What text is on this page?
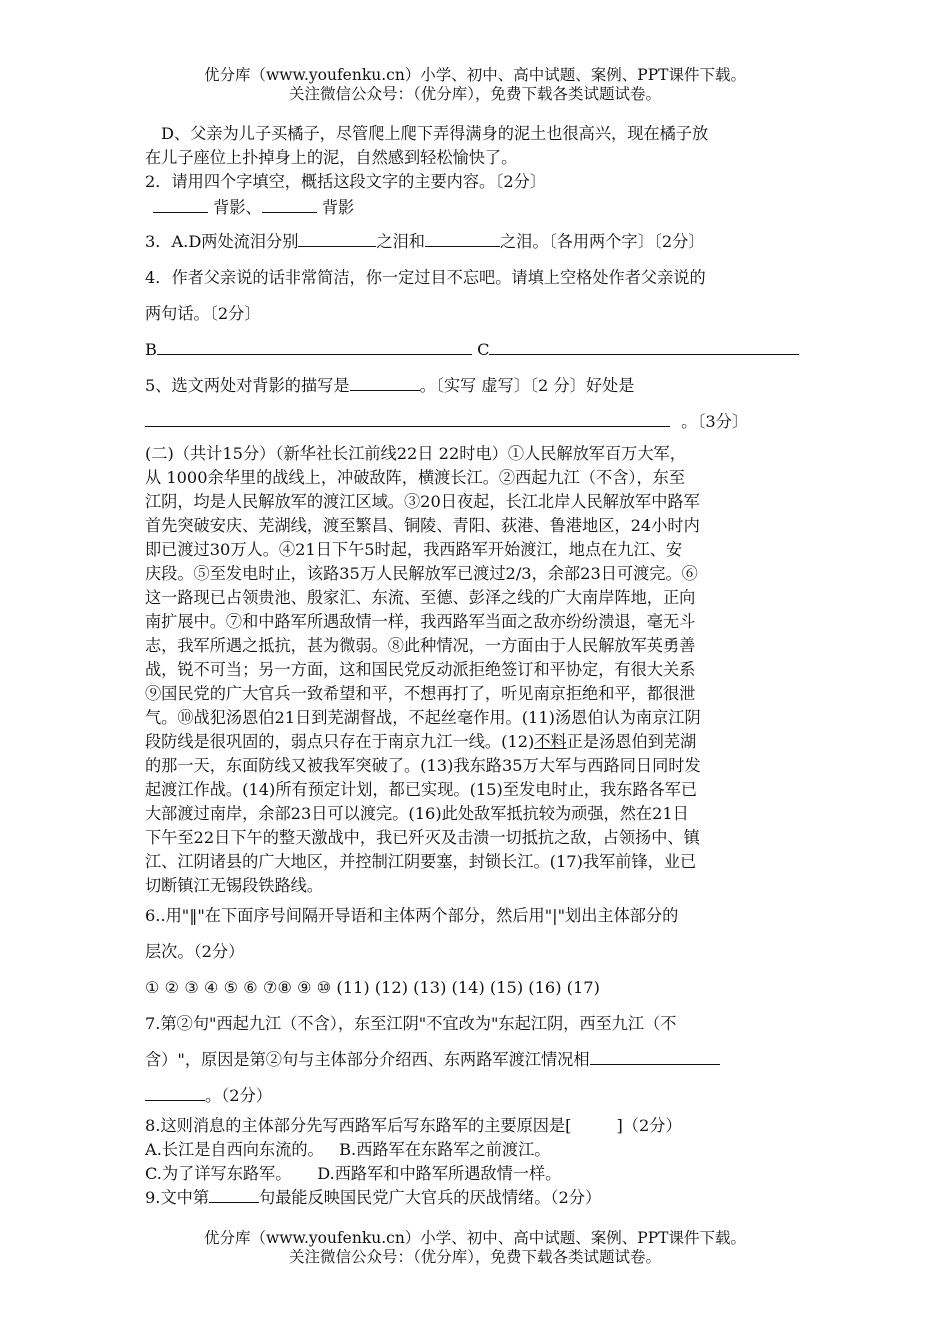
优分库（www.youfenku.cn）小学、初中、高中试题、案例、PPT课件下载。
关注微信公众号：（优分库），免费下载各类试题试卷。
D、父亲为儿子买橘子，尽管爬上爬下弄得满身的泥土也很高兴，现在橘子放
在儿子座位上扑掉身上的泥，自然感到轻松愉快了。
2．请用四个字填空，概括这段文字的主要内容。〔2分〕
背影、	背影
3．A.D两处流泪分别	之泪和	之泪。〔各用两个字〕〔2分〕
4．作者父亲说的话非常简洁，你一定过目不忘吧。请填上空格处作者父亲说的
两句话。〔2分〕
B	C
5、选文两处对背影的描写是	。〔实写 虚写〕〔2 分〕好处是
。〔3分〕
(二)（共计15分）（新华社长江前线22日 22时电）①人民解放军百万大军，
从 1000余华里的战线上，冲破敌阵，横渡长江。②西起九江（不含），东至
江阴，均是人民解放军的渡江区域。③20日夜起，长江北岸人民解放军中路军
首先突破安庆、芜湖线，渡至繁昌、铜陵、青阳、荻港、鲁港地区，24小时内
即已渡过30万人。④21日下午5时起，我西路军开始渡江，地点在九江、安
庆段。⑤至发电时止，该路35万人民解放军已渡过2/3，余部23日可渡完。⑥
这一路现已占领贵池、殷家汇、东流、至德、彭泽之线的广大南岸阵地，正向
南扩展中。⑦和中路军所遇敌情一样，我西路军当面之敌亦纷纷溃退，毫无斗
志，我军所遇之抵抗，甚为微弱。⑧此种情况，一方面由于人民解放军英勇善
战，锐不可当；另一方面，这和国民党反动派拒绝签订和平协定，有很大关系
⑨国民党的广大官兵一致希望和平，不想再打了，听见南京拒绝和平，都很泄
气。⑩战犯汤恩伯21日到芜湖督战，不起丝毫作用。(11)汤恩伯认为南京江阴
段防线是很巩固的，弱点只存在于南京九江一线。(12)不料正是汤恩伯到芜湖
的那一天，东面防线又被我军突破了。(13)我东路35万大军与西路同日同时发
起渡江作战。(14)所有预定计划，都已实现。(15)至发电时止，我东路各军已
大部渡过南岸，余部23日可以渡完。(16)此处敌军抵抗较为顽强，然在21日
下午至22日下午的整天激战中，我已歼灭及击溃一切抵抗之敌，占领扬中、镇
江、江阴诸县的广大地区，并控制江阴要塞，封锁长江。(17)我军前锋，业已
切断镇江无锡段铁路线。
6..用"‖"在下面序号间隔开导语和主体两个部分，然后用"|"划出主体部分的
层次。（2分）
① ② ③ ④ ⑤ ⑥ ⑦⑧ ⑨ ⑩ (11) (12) (13) (14) (15) (16) (17)
7.第②句"西起九江（不含），东至江阴"不宜改为"东起江阴，西至九江（不
含）"，原因是第②句与主体部分介绍西、东两路军渡江情况相
。（2分）
8.这则消息的主体部分先写西路军后写东路军的主要原因是[	]（2分）
A.长江是自西向东流的。 B.西路军在东路军之前渡江。
C.为了详写东路军。 D.西路军和中路军所遇敌情一样。
9.文中第	句最能反映国民党广大官兵的厌战情绪。（2分）
优分库（www.youfenku.cn）小学、初中、高中试题、案例、PPT课件下载。
关注微信公众号：（优分库），免费下载各类试题试卷。
